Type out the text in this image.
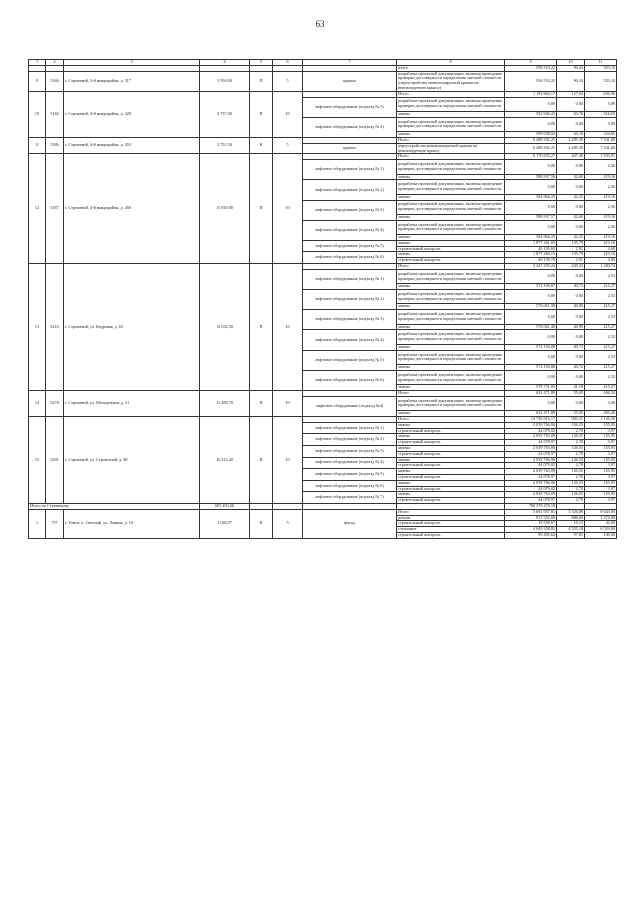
63
1	2	3	4	5	6	7	8	9	10	11
							итого	556 510,22	90,24	553,10
9	5146	г. Стрежевой, 3-й микрорайон, д. 317	5 950,00	П	5	крыши	разработка проектной документации, включая проведение проверки достоверности определения сметной стоимости (переустройство невентилируемой крыши на вентилируемую крышу)	556 510,22	90,24	553,10
10	5182	г. Стрежевой, 4-й микрорайон, д. 428	5 737,00	П	10		Итого	1 192 964,17	127,94	636,96
						лифтовое оборудование (подъезд № 3)	разработка проектной документации, включая проведение проверки достоверности определения сметной стоимости	0,00	0,00	5,89
							замена	592 946,25	63,76	316,65
						лифтовое оборудование (подъезд № 4)	разработка проектной документации, включая проведение проверки достоверности определения сметной стоимости	0,00	0,00	5,89
							замена	599 038,02	64,18	324,65
11	5186	г. Стрежевой, 4-й микрорайон, д. 453	2 751,50	К	5		Итого	6 288 392,25	2 285,30	7 541,00
						крыши	переустройство невентилируемой крыши на вентилируемую крышу	6 288 392,25	2 285,30	7 541,00
12	5187	г. Стрежевой, 4-й микрорайон, д. 456	15 810,00	П	10		Итого	6 170 655,27	447,40	1 533,91
						лифтовое оборудование (подъезд № 1)	разработка проектной документации, включая проведение проверки достоверности определения сметной стоимости	0,00	0,00	2,56
							замена	588 937,56	42,60	219,16
						лифтовое оборудование (подъезд № 2)	разработка проектной документации, включая проведение проверки достоверности определения сметной стоимости	0,00	0,00	2,56
							замена	584 964,25	42,25	219,16
						лифтовое оборудование (подъезд № 3)	разработка проектной документации, включая проведение проверки достоверности определения сметной стоимости	0,00	0,00	2,56
							замена	588 937,57	42,60	219,16
						лифтовое оборудование (подъезд № 4)	разработка проектной документации, включая проведение проверки достоверности определения сметной стоимости	0,00	0,00	2,56
							замена	584 964,25	42,25	219,16
						лифтовое оборудование (подъезд № 5)	замена	1 877 261,85	135,79	219,16
							строительный контроль	40 130,60	2,91	4,69
						лифтовое оборудование (подъезд № 6)	замена	1 877 266,15	135,79	219,16
							строительный контроль	40 130,70	2,91	4,69
13	5216	г. Стрежевой, ул. Кедровая, д. 65	14 032,50	П	10		Итого	3 447 439,24	245,33	1 300,74
						лифтовое оборудование (подъезд № 1)	разработка проектной документации, включая проведение проверки достоверности определения сметной стоимости	0,00	0,00	2,53
							замена	572 194,87	40,73	215,27
						лифтовое оборудование (подъезд № 2)	разработка проектной документации, включая проведение проверки достоверности определения сметной стоимости	0,00	0,00	2,53
							замена	576 061,38	40,99	215,27
						лифтовое оборудование (подъезд № 3)	разработка проектной документации, включая проведение проверки достоверности определения сметной стоимости	0,00	0,00	2,53
							замена	576 061,40	40,99	215,27
						лифтовое оборудование (подъезд № 4)	разработка проектной документации, включая проведение проверки достоверности определения сметной стоимости	0,00	0,00	2,53
							замена	572 194,88	40,73	215,27
						лифтовое оборудование (подъезд № 5)	разработка проектной документации, включая проведение проверки достоверности определения сметной стоимости	0,00	0,00	2,53
							замена	572 194,88	40,72	215,27
						лифтовое оборудование (подъезд № 6)	разработка проектной документации, включая проведение проверки достоверности определения сметной стоимости	0,00	0,00	2,53
							замена	578 731,83	41,18	215,27
14	5270	г. Стрежевой, ул. Молодежная, д. 21	11 489,70	П	10		Итого	632 471,89	55,05	266,34
						лифтовое оборудование (подъезд №4)	разработка проектной документации, включая проведение проверки достоверности определения сметной стоимости	0,00	0,00	3,08
							замена	632 471,89	55,05	263,26
15	5291	г. Стрежевой, ул. Строителей, д. 80	16 313,20	П	10		Итого	14 736 916,17	903,31	1 126,50
						лифтовое оборудование (подъезд № 1)	замена	2 039 766,96	126,55	155,95
							строительный контроль	44 079,02	2,70	3,97
						лифтовое оборудование (подъезд № 2)	замена	2 039 763,09	126,55	155,95
							строительный контроль	44 078,97	2,70	3,97
						лифтовое оборудование (подъезд № 3)	замена	2 039 763,09	126,55	155,95
							строительный контроль	44 078,97	2,70	3,97
						лифтовое оборудование (подъезд № 4)	замена	2 039 766,96	126,55	155,95
							строительный контроль	44 079,02	2,70	3,97
						лифтовое оборудование (подъезд № 5)	замена	2 039 763,09	126,55	155,95
							строительный контроль	44 078,97	2,70	3,97
						лифтовое оборудование (подъезд № 6)	замена	2 039 766,96	126,55	155,95
							строительный контроль	44 079,02	2,70	3,97
						лифтовое оборудование (подъезд № 7)	замена	2 039 763,09	126,55	155,95
							строительный контроль	44 078,97	2,70	3,97
Итого по Стрежевому			605 403,66					780 379 470,18		
1	757	г. Томск, п. Светлый, ул. Ленина, д. 16	1 028,07	К	5	фасад	Итого	5 681 957,81	5 526,89	8 643,00
							ремонт	913 552,68	888,60	1 372,00
							строительный контроль	19 550,67	19,15	42,00
							утепление	4 649 358,82	4 555,18	6 529,00
							строительный контроль	99 495,64	97,81	140,00
